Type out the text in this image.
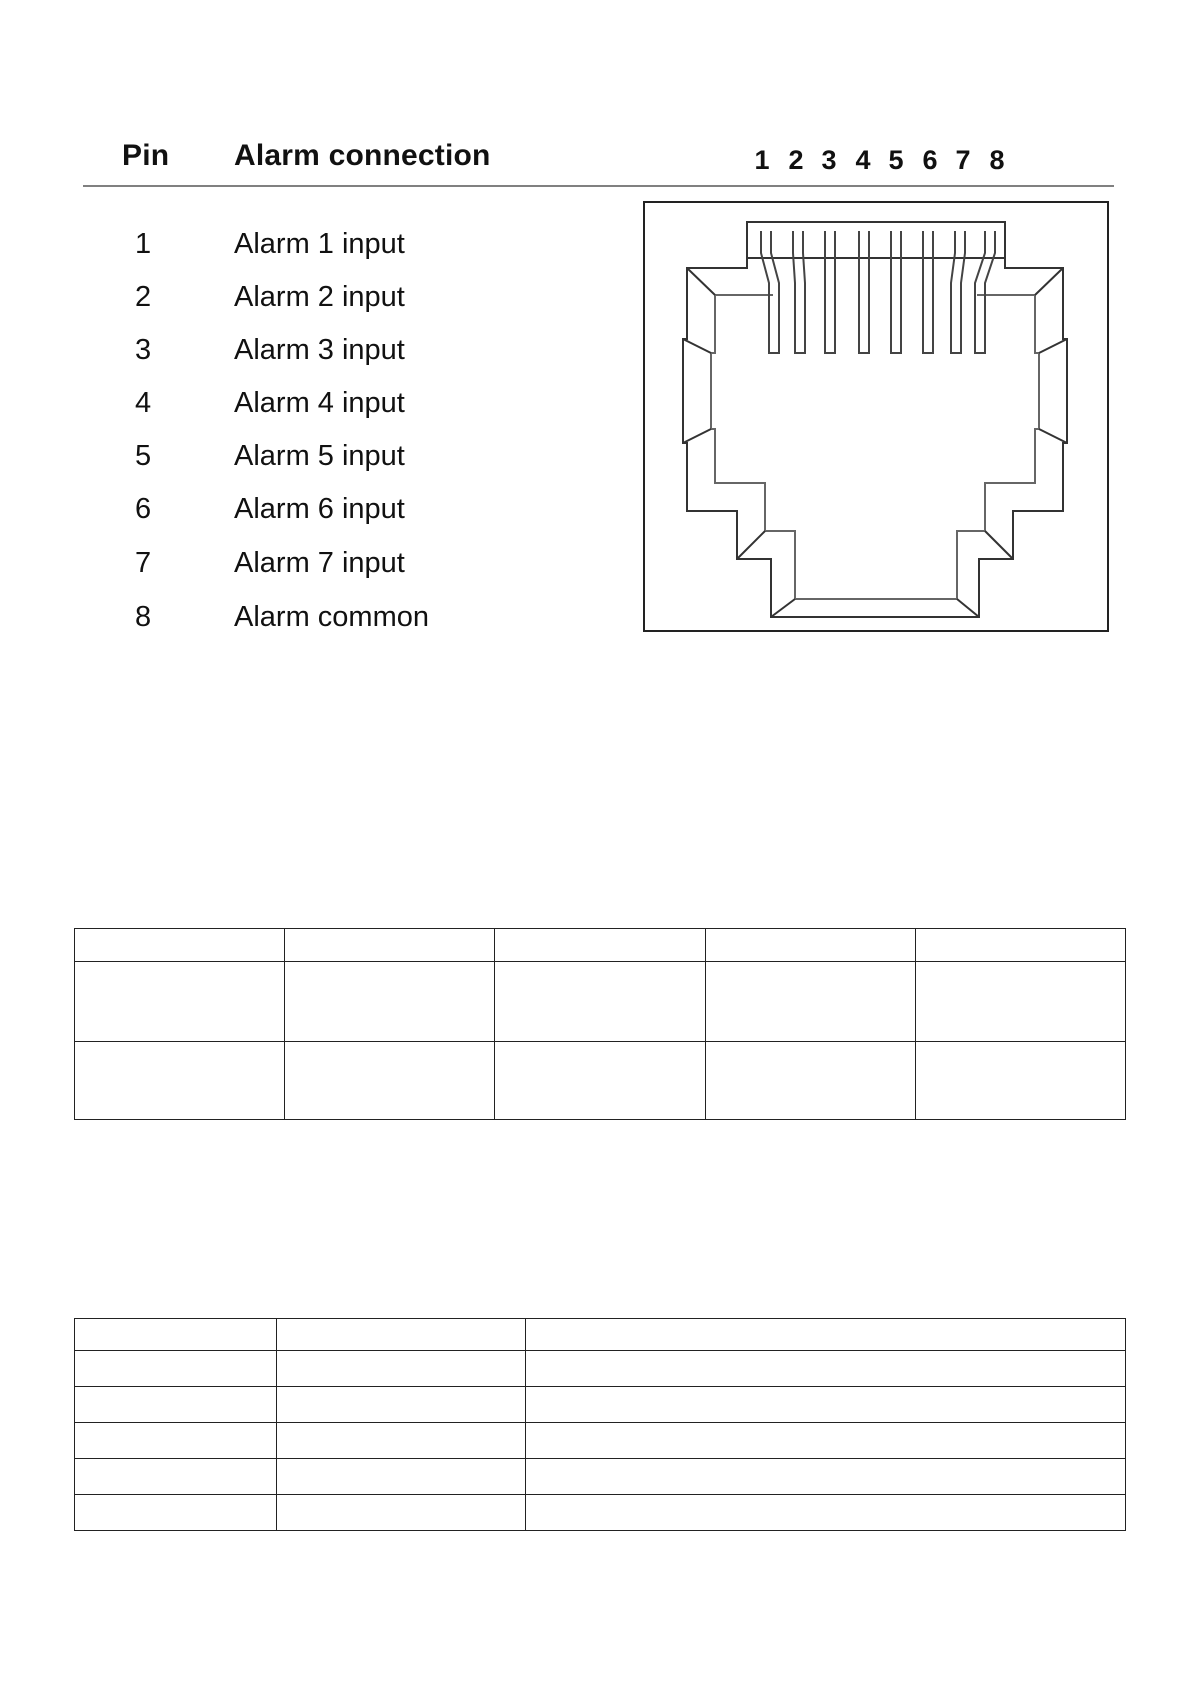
Pin Alarm connection	1 2 3 4 5 6 7 8
1	Alarm 1 input
2	Alarm 2 input
3	Alarm 3 input
4	Alarm 4 input
5	Alarm 5 input
6	Alarm 6 input
7	Alarm 7 input
8	Alarm common
